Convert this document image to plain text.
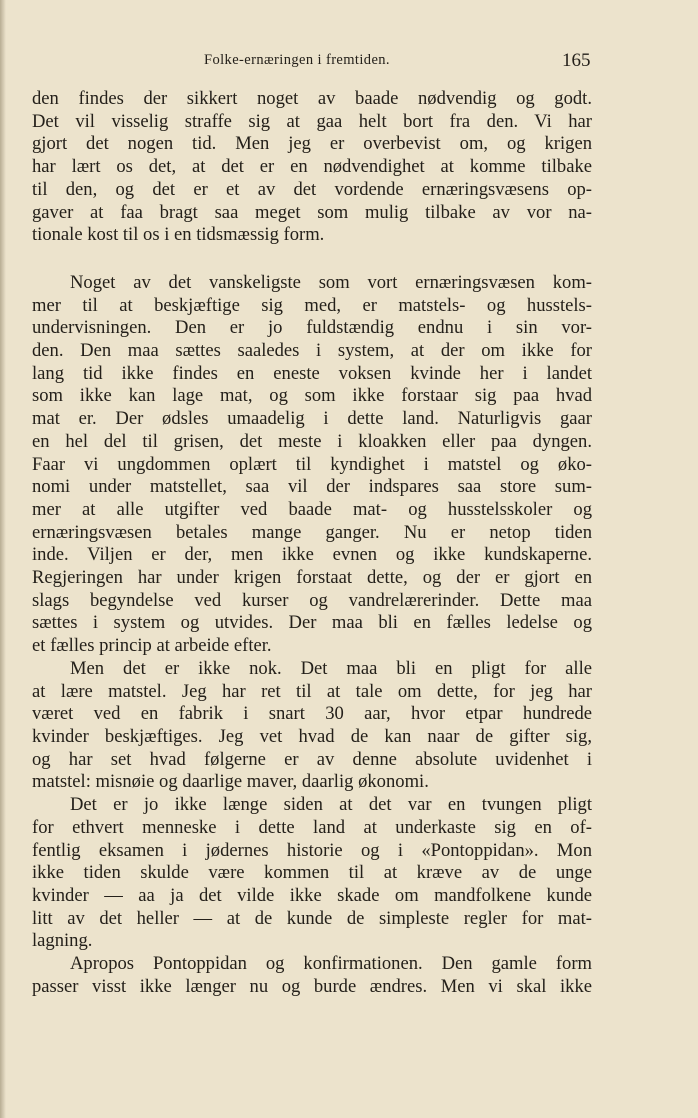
Folke-ernæringen i fremtiden.	165

den findes der sikkert noget av baade nødvendig og godt.
Det vil visselig straffe sig at gaa helt bort fra den. Vi har
gjort det nogen tid. Men jeg er overbevist om, og krigen
har lært os det, at det er en nødvendighet at komme tilbake
til den, og det er et av det vordende ernæringsvæsens op-
gaver at faa bragt saa meget som mulig tilbake av vor na-
tionale kost til os i en tidsmæssig form.

Noget av det vanskeligste som vort ernæringsvæsen kom-
mer til at beskjæftige sig med, er matstels- og husstels-
undervisningen. Den er jo fuldstændig endnu i sin vor-
den. Den maa sættes saaledes i system, at der om ikke for
lang tid ikke findes en eneste voksen kvinde her i landet
som ikke kan lage mat, og som ikke forstaar sig paa hvad
mat er. Der ødsles umaadelig i dette land. Naturligvis gaar
en hel del til grisen, det meste i kloakken eller paa dyngen.
Faar vi ungdommen oplært til kyndighet i matstel og øko-
nomi under matstellet, saa vil der indspares saa store sum-
mer at alle utgifter ved baade mat- og husstelsskoler og
ernæringsvæsen betales mange ganger. Nu er netop tiden
inde. Viljen er der, men ikke evnen og ikke kundskaperne.
Regjeringen har under krigen forstaat dette, og der er gjort en
slags begyndelse ved kurser og vandrelærerinder. Dette maa
sættes i system og utvides. Der maa bli en fælles ledelse og
et fælles princip at arbeide efter.

Men det er ikke nok. Det maa bli en pligt for alle
at lære matstel. Jeg har ret til at tale om dette, for jeg har
været ved en fabrik i snart 30 aar, hvor etpar hundrede
kvinder beskjæftiges. Jeg vet hvad de kan naar de gifter sig,
og har set hvad følgerne er av denne absolute uvidenhet i
matstel: misnøie og daarlige maver, daarlig økonomi.

Det er jo ikke længe siden at det var en tvungen pligt
for ethvert menneske i dette land at underkaste sig en of-
fentlig eksamen i jødernes historie og i «Pontoppidan». Mon
ikke tiden skulde være kommen til at kræve av de unge
kvinder — aa ja det vilde ikke skade om mandfolkene kunde
litt av det heller — at de kunde de simpleste regler for mat-
lagning.

Apropos Pontoppidan og konfirmationen. Den gamle form
passer visst ikke længer nu og burde ændres. Men vi skal ikke
